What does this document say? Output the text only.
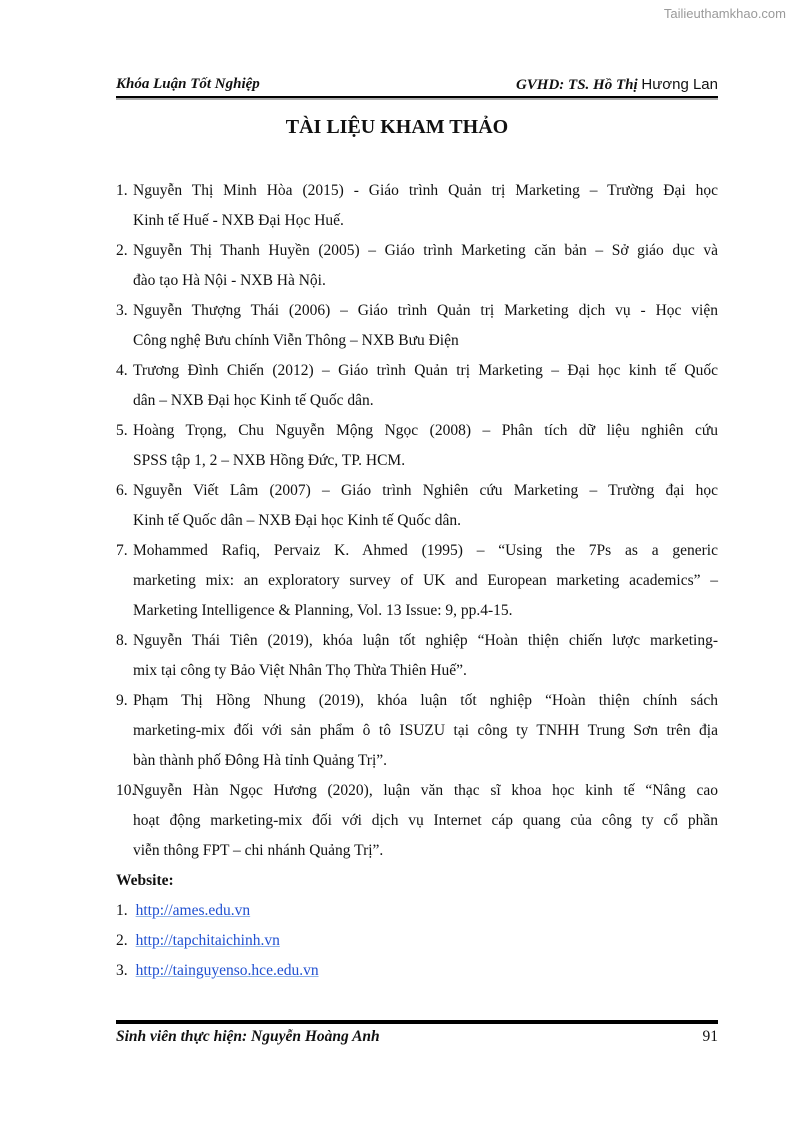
Tailieuthamkhao.com
Khóa Luận Tốt Nghiệp	GVHD: TS. Hồ Thị Hương Lan
TÀI LIỆU KHAM THẢO
1. Nguyễn Thị Minh Hòa (2015) - Giáo trình Quản trị Marketing – Trường Đại học
Kinh tế Huế - NXB Đại Học Huế.
2. Nguyễn Thị Thanh Huyền (2005) – Giáo trình Marketing căn bản – Sở giáo dục và
đào tạo Hà Nội - NXB Hà Nội.
3. Nguyễn Thượng Thái (2006) – Giáo trình Quản trị Marketing dịch vụ - Học viện
Công nghệ Bưu chính Viễn Thông – NXB Bưu Điện
4. Trương Đình Chiến (2012) – Giáo trình Quản trị Marketing – Đại học kinh tế Quốc
dân – NXB Đại học Kinh tế Quốc dân.
5. Hoàng Trọng, Chu Nguyễn Mộng Ngọc (2008) – Phân tích dữ liệu nghiên cứu
SPSS tập 1, 2 – NXB Hồng Đức, TP. HCM.
6. Nguyễn Viết Lâm (2007) – Giáo trình Nghiên cứu Marketing – Trường đại học
Kinh tế Quốc dân – NXB Đại học Kinh tế Quốc dân.
7. Mohammed Rafiq, Pervaiz K. Ahmed (1995) – “Using the 7Ps as a generic
marketing mix: an exploratory survey of UK and European marketing academics” –
Marketing Intelligence & Planning, Vol. 13 Issue: 9, pp.4-15.
8. Nguyễn Thái Tiên (2019), khóa luận tốt nghiệp “Hoàn thiện chiến lược marketing-
mix tại công ty Bảo Việt Nhân Thọ Thừa Thiên Huế”.
9. Phạm Thị Hồng Nhung (2019), khóa luận tốt nghiệp “Hoàn thiện chính sách
marketing-mix đối với sản phẩm ô tô ISUZU tại công ty TNHH Trung Sơn trên địa
bàn thành phố Đông Hà tỉnh Quảng Trị”.
10.
Nguyễn Hàn Ngọc Hương (2020), luận văn thạc sĩ khoa học kinh tế “Nâng cao
hoạt động marketing-mix đối với dịch vụ Internet cáp quang của công ty cổ phần
viễn thông FPT – chi nhánh Quảng Trị”.
Website:
1. http://ames.edu.vn
2. http://tapchitaichinh.vn
3. http://tainguyenso.hce.edu.vn
Sinh viên thực hiện: Nguyễn Hoàng Anh	91
